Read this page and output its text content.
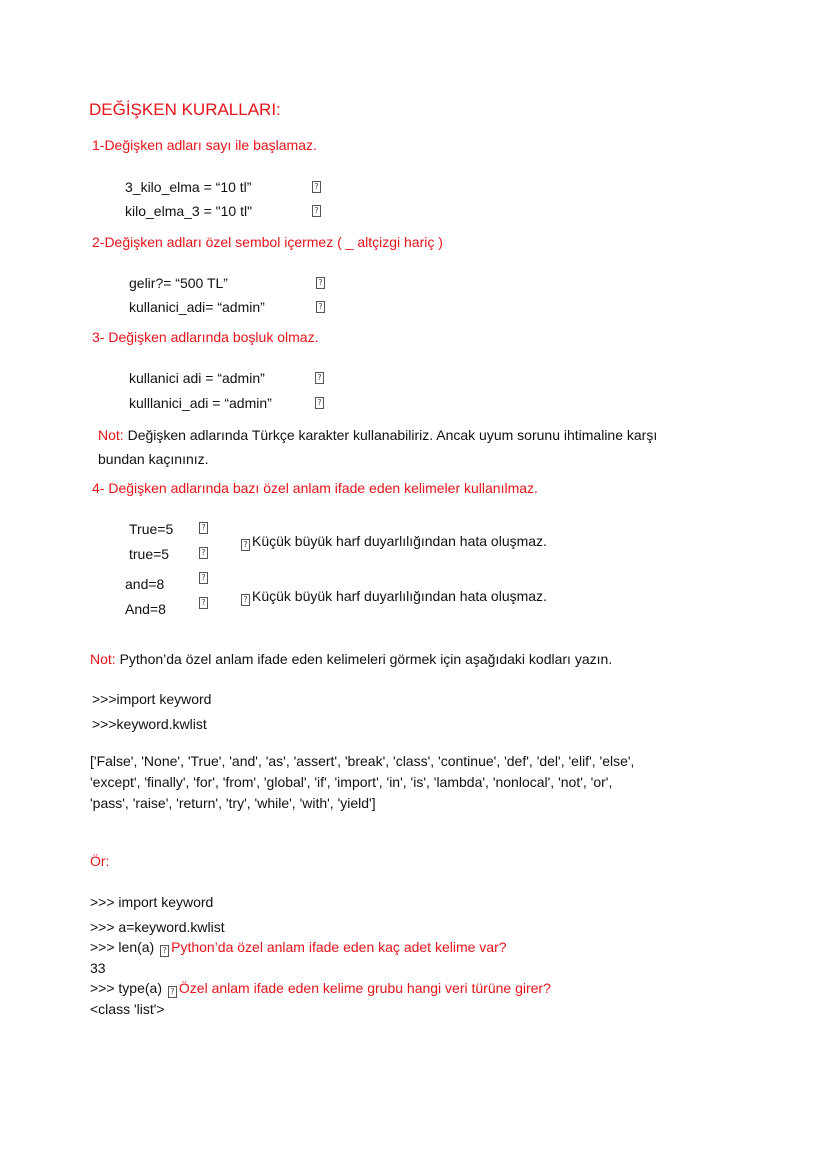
DEĞİŞKEN KURALLARI:
1-Değişken adları sayı ile başlamaz.
3_kilo_elma = “10 tl”	?
kilo_elma_3 = "10 tl"	?
2-Değişken adları özel sembol içermez ( _ altçizgi hariç )
gelir?= “500 TL”	?
kullanici_adi= “admin”	?
3- Değişken adlarında boşluk olmaz.
kullanici adi = “admin”	?
kulllanici_adi = “admin”	?
Not: Değişken adlarında Türkçe karakter kullanabiliriz. Ancak uyum sorunu ihtimaline karşı
bundan kaçınınız.
4- Değişken adlarında bazı özel anlam ifade eden kelimeler kullanılmaz.
True=5	?
true=5	?
? Küçük büyük harf duyarlılığından hata oluşmaz.
and=8	?
And=8	?	? Küçük büyük harf duyarlılığından hata oluşmaz.
Not: Python’da özel anlam ifade eden kelimeleri görmek için aşağıdaki kodları yazın.
>>>import keyword
>>>keyword.kwlist
['False', 'None', 'True', 'and', 'as', 'assert', 'break', 'class', 'continue', 'def', 'del', 'elif', 'else',
'except', 'finally', 'for', 'from', 'global', 'if', 'import', 'in', 'is', 'lambda', 'nonlocal', 'not', 'or',
'pass', 'raise', 'return', 'try', 'while', 'with', 'yield']
Ör:
>>> import keyword
>>> a=keyword.kwlist
>>> len(a) ? Python’da özel anlam ifade eden kaç adet kelime var?
33
>>> type(a) ? Özel anlam ifade eden kelime grubu hangi veri türüne girer?
<class 'list'>
